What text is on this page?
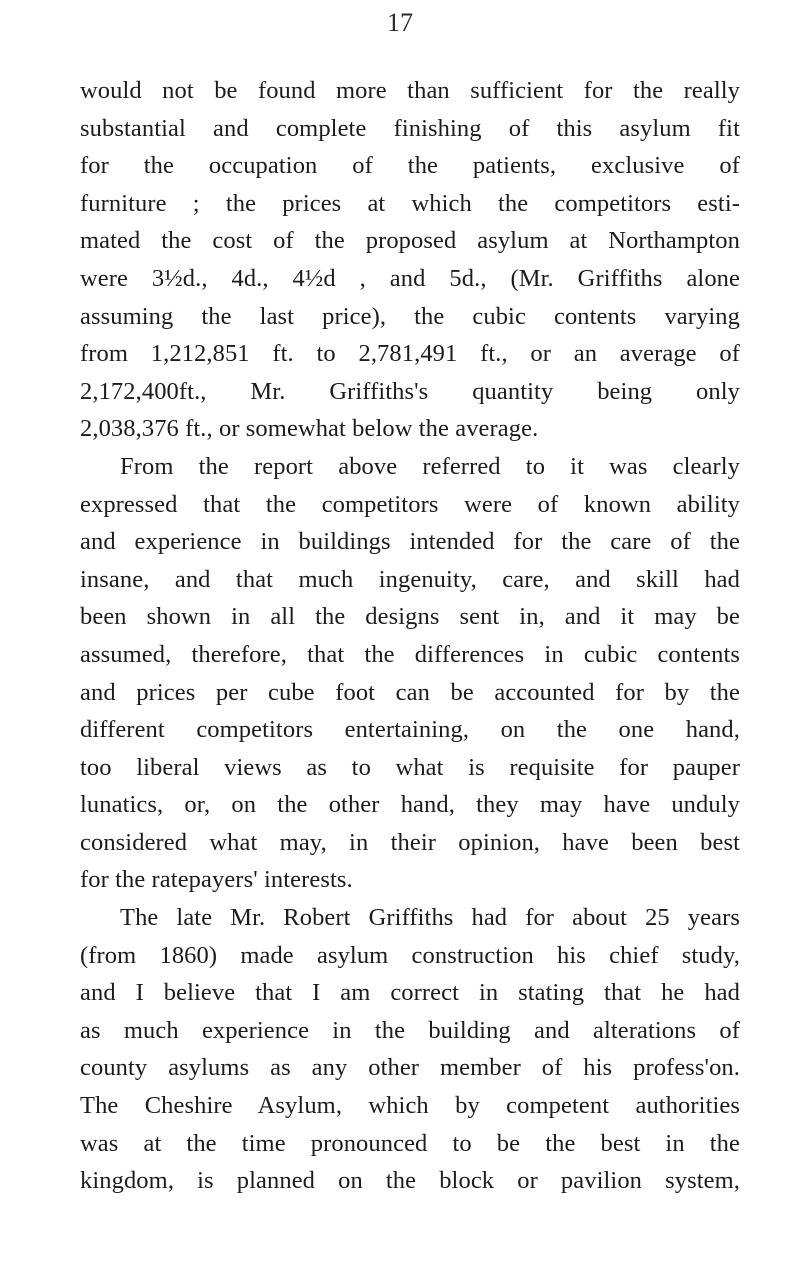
17
would not be found more than sufficient for the really
substantial and complete finishing of this asylum fit
for the occupation of the patients, exclusive of
furniture ; the prices at which the competitors esti-
mated the cost of the proposed asylum at Northampton
were 3½d., 4d., 4½d , and 5d., (Mr. Griffiths alone
assuming the last price), the cubic contents varying
from 1,212,851 ft. to 2,781,491 ft., or an average of
2,172,400ft., Mr. Griffiths's quantity being only
2,038,376 ft., or somewhat below the average.
From the report above referred to it was clearly
expressed that the competitors were of known ability
and experience in buildings intended for the care of the
insane, and that much ingenuity, care, and skill had
been shown in all the designs sent in, and it may be
assumed, therefore, that the differences in cubic contents
and prices per cube foot can be accounted for by the
different competitors entertaining, on the one hand,
too liberal views as to what is requisite for pauper
lunatics, or, on the other hand, they may have unduly
considered what may, in their opinion, have been best
for the ratepayers' interests.
The late Mr. Robert Griffiths had for about 25 years
(from 1860) made asylum construction his chief study,
and I believe that I am correct in stating that he had
as much experience in the building and alterations of
county asylums as any other member of his profess'on.
The Cheshire Asylum, which by competent authorities
was at the time pronounced to be the best in the
kingdom, is planned on the block or pavilion system,
